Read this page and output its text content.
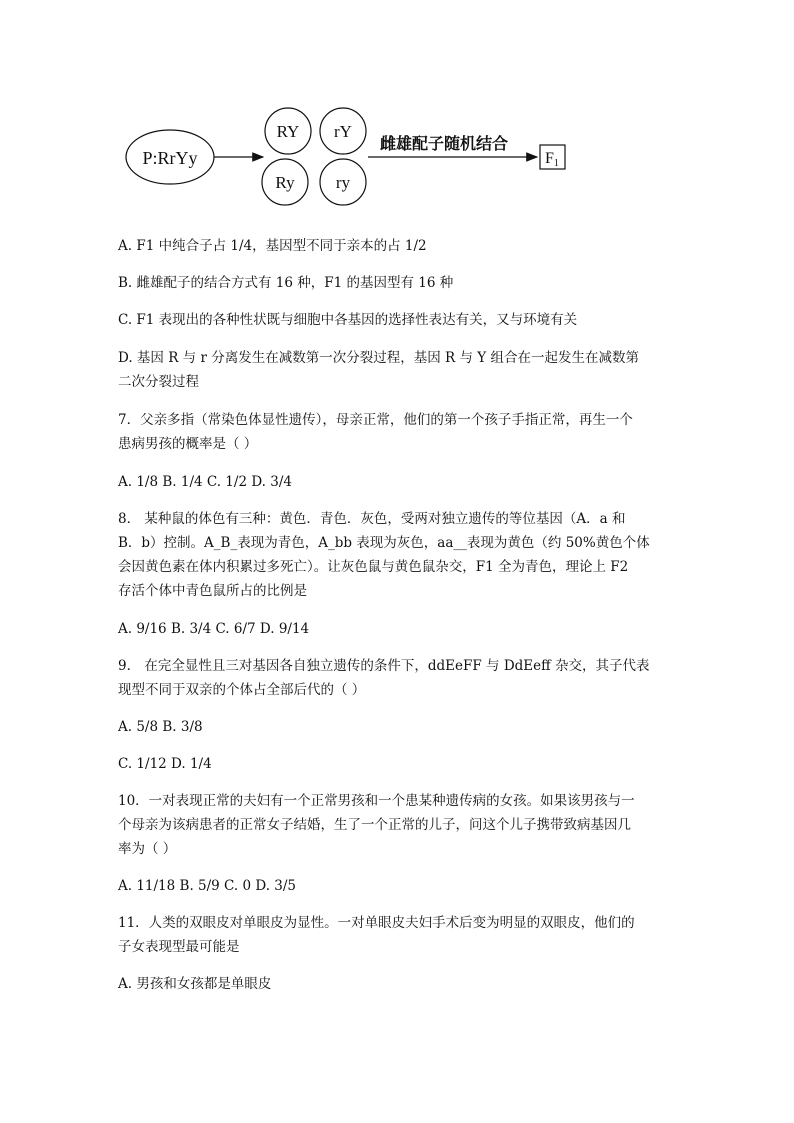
P:RrYy
RY rY
Ry ry
雌雄配子随机结合
F1
A. F1 中纯合子占 1/4，基因型不同于亲本的占 1/2
B. 雌雄配子的结合方式有 16 种，F1 的基因型有 16 种
C. F1 表现出的各种性状既与细胞中各基因的选择性表达有关，又与环境有关
D. 基因 R 与 r 分离发生在减数第一次分裂过程，基因 R 与 Y 组合在一起发生在减数第
二次分裂过程
7．父亲多指（常染色体显性遗传），母亲正常，他们的第一个孩子手指正常，再生一个
患病男孩的概率是（ ）
A. 1/8 B. 1/4 C. 1/2 D. 3/4
8． 某种鼠的体色有三种：黄色．青色．灰色，受两对独立遗传的等位基因（A．a 和
B．b）控制。A_B_表现为青色，A_bb 表现为灰色，aa__表现为黄色（约 50%黄色个体
会因黄色素在体内积累过多死亡）。让灰色鼠与黄色鼠杂交，F1 全为青色，理论上 F2
存活个体中青色鼠所占的比例是
A. 9/16 B. 3/4 C. 6/7 D. 9/14
9． 在完全显性且三对基因各自独立遗传的条件下，ddEeFF 与 DdEeff 杂交，其子代表
现型不同于双亲的个体占全部后代的（ ）
A. 5/8 B. 3/8
C. 1/12 D. 1/4
10．一对表现正常的夫妇有一个正常男孩和一个患某种遗传病的女孩。如果该男孩与一
个母亲为该病患者的正常女子结婚，生了一个正常的儿子，问这个儿子携带致病基因几
率为（ ）
A. 11/18 B. 5/9 C. 0 D. 3/5
11．人类的双眼皮对单眼皮为显性。一对单眼皮夫妇手术后变为明显的双眼皮，他们的
子女表现型最可能是
A. 男孩和女孩都是单眼皮
